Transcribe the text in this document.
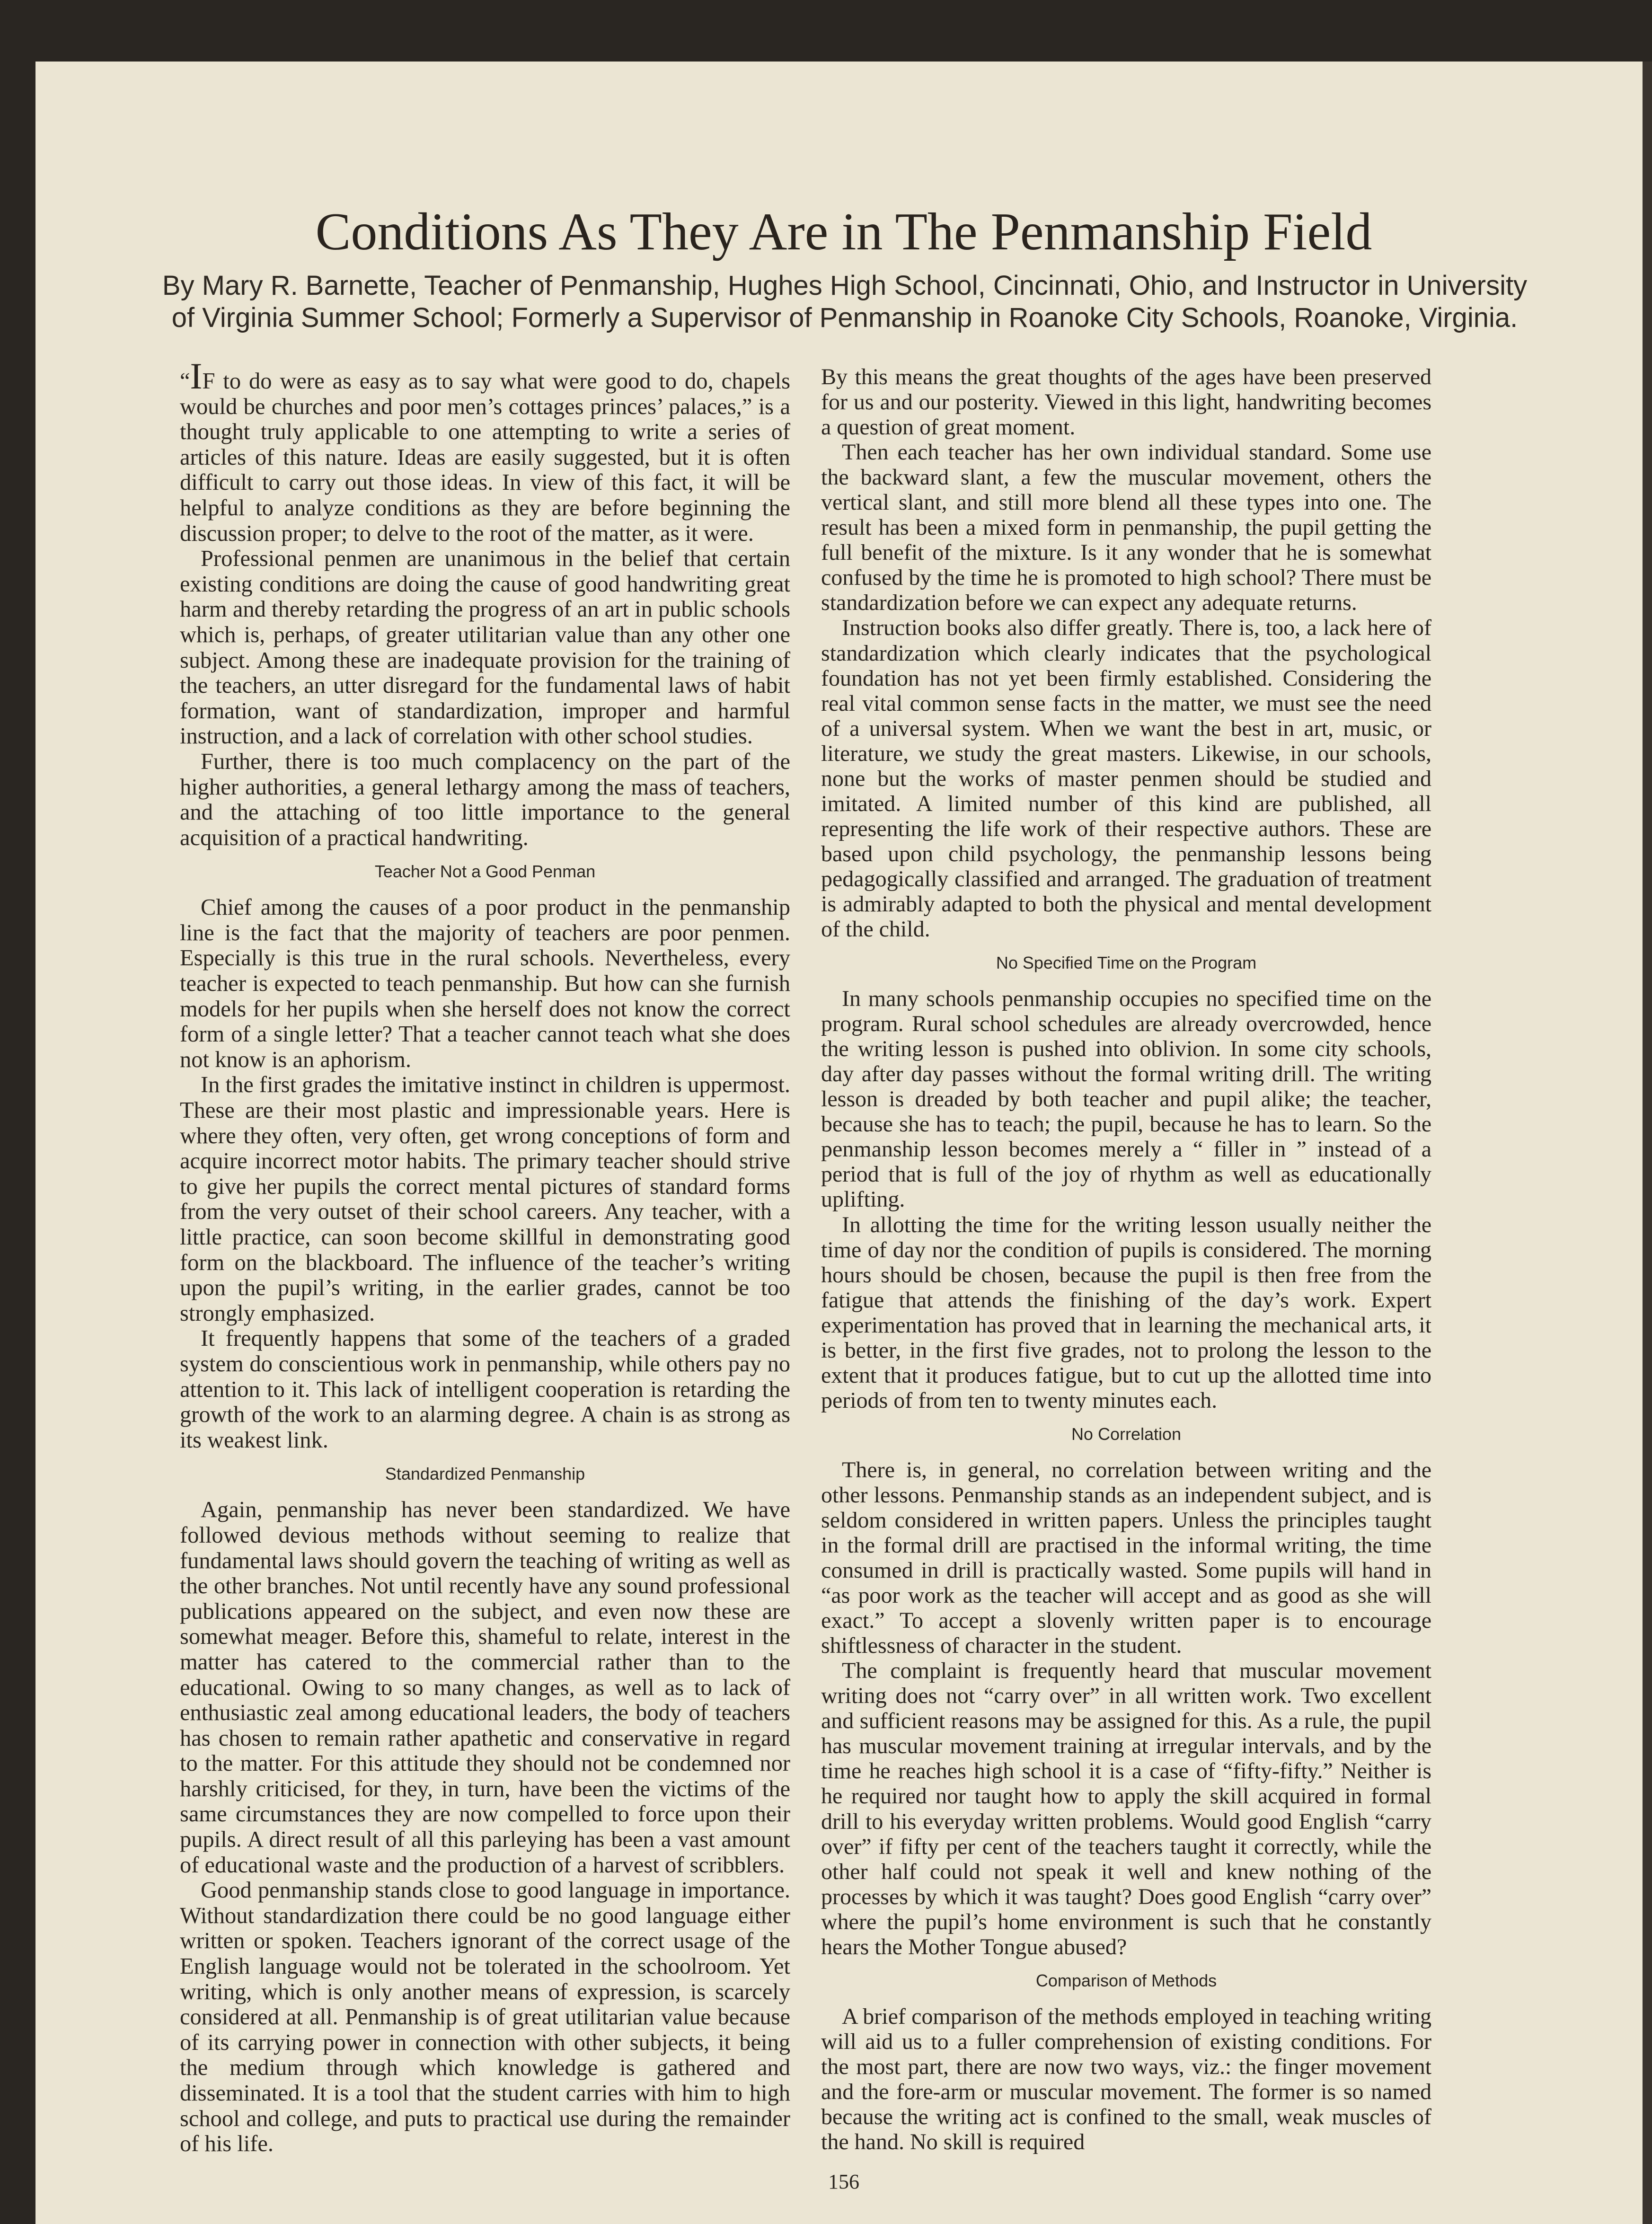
Conditions As They Are in The Penmanship Field
By Mary R. Barnette, Teacher of Penmanship, Hughes High School, Cincinnati, Ohio, and Instructor in University
of Virginia Summer School; Formerly a Supervisor of Penmanship in Roanoke City Schools, Roanoke, Virginia.

“IF to do were as easy as to say what were good to do, chapels would be churches and poor men’s cottages princes’ palaces,” is a thought truly applicable to one attempting to write a series of articles of this nature. Ideas are easily suggested, but it is often difficult to carry out those ideas. In view of this fact, it will be helpful to analyze conditions as they are before beginning the discussion proper; to delve to the root of the matter, as it were.

Professional penmen are unanimous in the belief that certain existing conditions are doing the cause of good handwriting great harm and thereby retarding the progress of an art in public schools which is, perhaps, of greater utilitarian value than any other one subject. Among these are inadequate provision for the training of the teachers, an utter disregard for the fundamental laws of habit formation, want of standardization, improper and harmful instruction, and a lack of correlation with other school studies.

Further, there is too much complacency on the part of the higher authorities, a general lethargy among the mass of teachers, and the attaching of too little importance to the general acquisition of a practical handwriting.

Teacher Not a Good Penman

Chief among the causes of a poor product in the penmanship line is the fact that the majority of teachers are poor penmen. Especially is this true in the rural schools. Nevertheless, every teacher is expected to teach penmanship. But how can she furnish models for her pupils when she herself does not know the correct form of a single letter? That a teacher cannot teach what she does not know is an aphorism.

In the first grades the imitative instinct in children is uppermost. These are their most plastic and impressionable years. Here is where they often, very often, get wrong conceptions of form and acquire incorrect motor habits. The primary teacher should strive to give her pupils the correct mental pictures of standard forms from the very outset of their school careers. Any teacher, with a little practice, can soon become skillful in demonstrating good form on the blackboard. The influence of the teacher’s writing upon the pupil’s writing, in the earlier grades, cannot be too strongly emphasized.

It frequently happens that some of the teachers of a graded system do conscientious work in penmanship, while others pay no attention to it. This lack of intelligent cooperation is retarding the growth of the work to an alarming degree. A chain is as strong as its weakest link.

Standardized Penmanship

Again, penmanship has never been standardized. We have followed devious methods without seeming to realize that fundamental laws should govern the teaching of writing as well as the other branches. Not until recently have any sound professional publications appeared on the subject, and even now these are somewhat meager. Before this, shameful to relate, interest in the matter has catered to the commercial rather than to the educational. Owing to so many changes, as well as to lack of enthusiastic zeal among educational leaders, the body of teachers has chosen to remain rather apathetic and conservative in regard to the matter. For this attitude they should not be condemned nor harshly criticised, for they, in turn, have been the victims of the same circumstances they are now compelled to force upon their pupils. A direct result of all this parleying has been a vast amount of educational waste and the production of a harvest of scribblers.

Good penmanship stands close to good language in importance. Without standardization there could be no good language either written or spoken. Teachers ignorant of the correct usage of the English language would not be tolerated in the schoolroom. Yet writing, which is only another means of expression, is scarcely considered at all. Penmanship is of great utilitarian value because of its carrying power in connection with other subjects, it being the medium through which knowledge is gathered and disseminated. It is a tool that the student carries with him to high school and college, and puts to practical use during the remainder of his life.

By this means the great thoughts of the ages have been preserved for us and our posterity. Viewed in this light, handwriting becomes a question of great moment.

Then each teacher has her own individual standard. Some use the backward slant, a few the muscular movement, others the vertical slant, and still more blend all these types into one. The result has been a mixed form in penmanship, the pupil getting the full benefit of the mixture. Is it any wonder that he is somewhat confused by the time he is promoted to high school? There must be standardization before we can expect any adequate returns.

Instruction books also differ greatly. There is, too, a lack here of standardization which clearly indicates that the psychological foundation has not yet been firmly established. Considering the real vital common sense facts in the matter, we must see the need of a universal system. When we want the best in art, music, or literature, we study the great masters. Likewise, in our schools, none but the works of master penmen should be studied and imitated. A limited number of this kind are published, all representing the life work of their respective authors. These are based upon child psychology, the penmanship lessons being pedagogically classified and arranged. The graduation of treatment is admirably adapted to both the physical and mental development of the child.

No Specified Time on the Program

In many schools penmanship occupies no specified time on the program. Rural school schedules are already overcrowded, hence the writing lesson is pushed into oblivion. In some city schools, day after day passes without the formal writing drill. The writing lesson is dreaded by both teacher and pupil alike; the teacher, because she has to teach; the pupil, because he has to learn. So the penmanship lesson becomes merely a “ filler in ” instead of a period that is full of the joy of rhythm as well as educationally uplifting.

In allotting the time for the writing lesson usually neither the time of day nor the condition of pupils is considered. The morning hours should be chosen, because the pupil is then free from the fatigue that attends the finishing of the day’s work. Expert experimentation has proved that in learning the mechanical arts, it is better, in the first five grades, not to prolong the lesson to the extent that it produces fatigue, but to cut up the allotted time into periods of from ten to twenty minutes each.

No Correlation

There is, in general, no correlation between writing and the other lessons. Penmanship stands as an independent subject, and is seldom considered in written papers. Unless the principles taught in the formal drill are practised in the informal writing, the time consumed in drill is practically wasted. Some pupils will hand in “as poor work as the teacher will accept and as good as she will exact.” To accept a slovenly written paper is to encourage shiftlessness of character in the student.

The complaint is frequently heard that muscular movement writing does not “carry over” in all written work. Two excellent and sufficient reasons may be assigned for this. As a rule, the pupil has muscular movement training at irregular intervals, and by the time he reaches high school it is a case of “fifty-fifty.” Neither is he required nor taught how to apply the skill acquired in formal drill to his everyday written problems. Would good English “carry over” if fifty per cent of the teachers taught it correctly, while the other half could not speak it well and knew nothing of the processes by which it was taught? Does good English “carry over” where the pupil’s home environment is such that he constantly hears the Mother Tongue abused?

Comparison of Methods

A brief comparison of the methods employed in teaching writing will aid us to a fuller comprehension of existing conditions. For the most part, there are now two ways, viz.: the finger movement and the fore-arm or muscular movement. The former is so named because the writing act is confined to the small, weak muscles of the hand. No skill is required

156
